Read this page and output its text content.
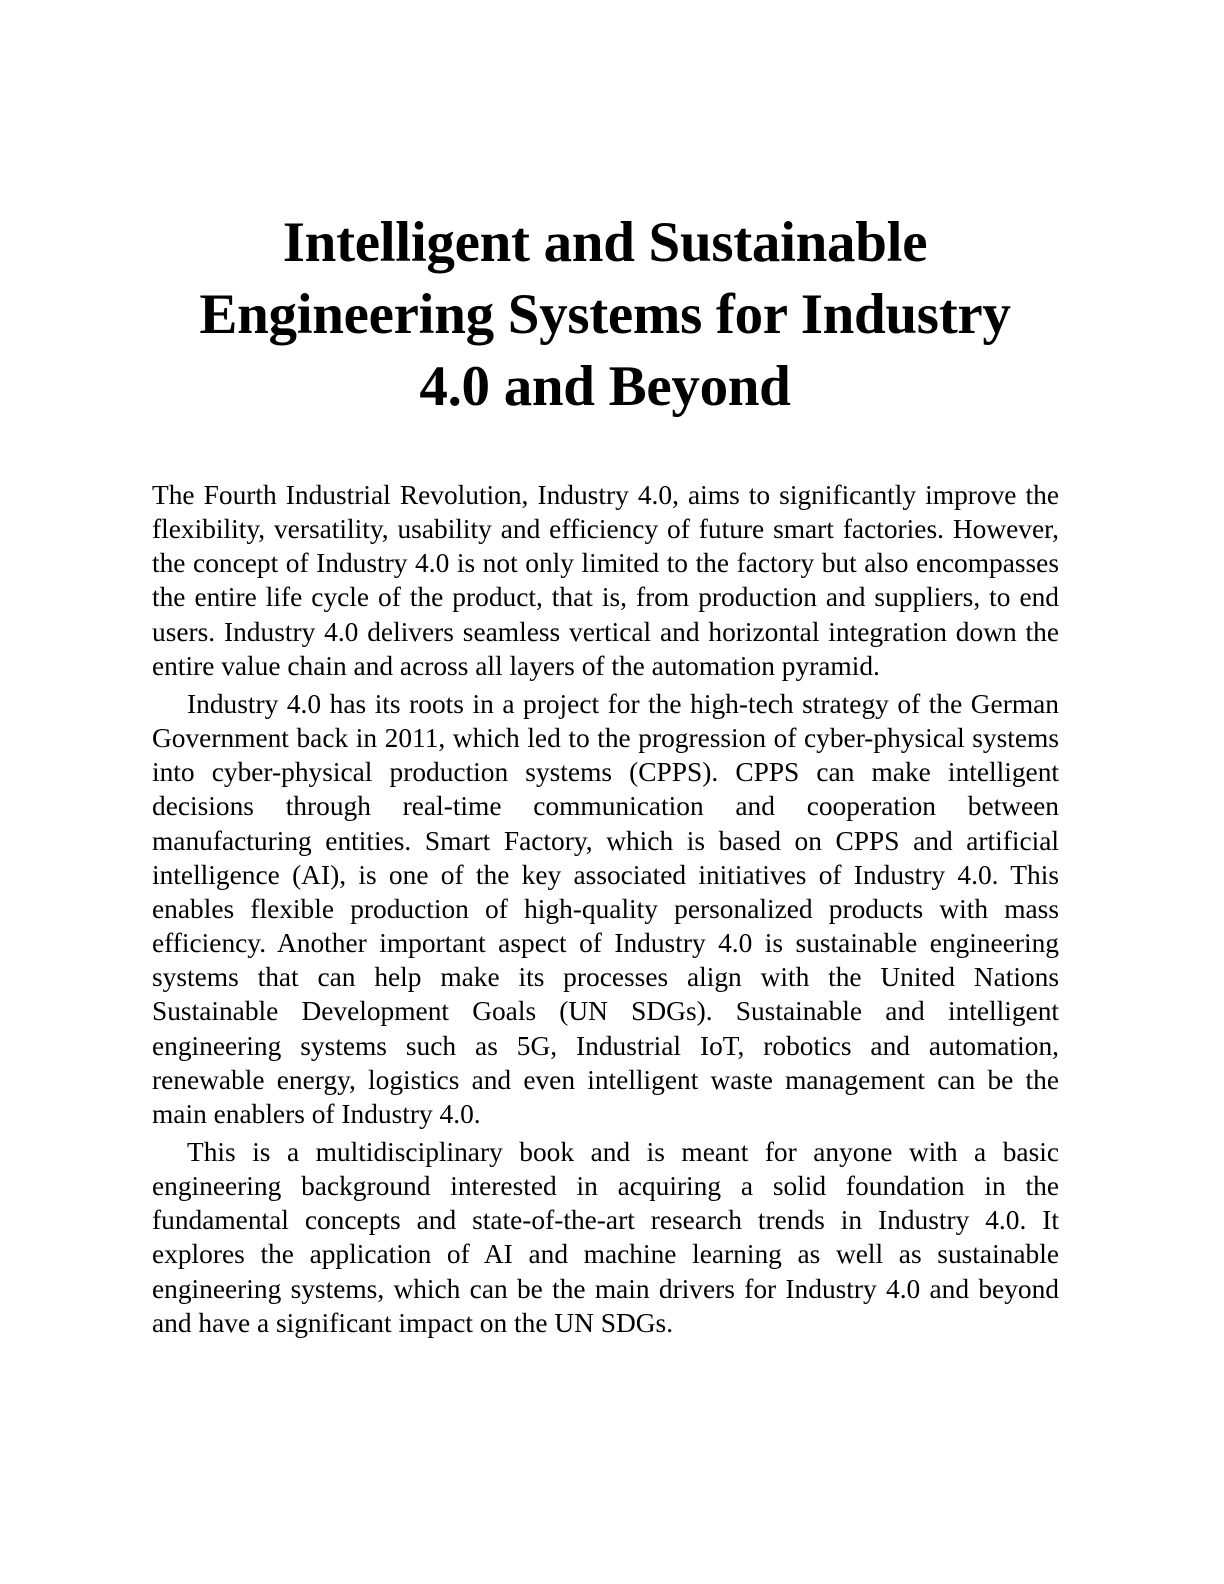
Intelligent and Sustainable
Engineering Systems for Industry
4.0 and Beyond

The Fourth Industrial Revolution, Industry 4.0, aims to significantly improve the flexibility, versatility, usability and efficiency of future smart factories. However, the concept of Industry 4.0 is not only limited to the factory but also encompasses the entire life cycle of the product, that is, from production and suppliers, to end users. Industry 4.0 delivers seamless vertical and horizontal integration down the entire value chain and across all layers of the automation pyramid.

Industry 4.0 has its roots in a project for the high-tech strategy of the German Government back in 2011, which led to the progression of cyber-physical systems into cyber-physical production systems (CPPS). CPPS can make intelligent decisions through real-time communication and cooperation between manufacturing entities. Smart Factory, which is based on CPPS and artificial intelligence (AI), is one of the key associated initiatives of Industry 4.0. This enables flexible production of high-quality personalized products with mass efficiency. Another important aspect of Industry 4.0 is sustainable engineering systems that can help make its processes align with the United Nations Sustainable Development Goals (UN SDGs). Sustainable and intelligent engineering systems such as 5G, Industrial IoT, robotics and automation, renewable energy, logistics and even intelligent waste management can be the main enablers of Industry 4.0.

This is a multidisciplinary book and is meant for anyone with a basic engineering background interested in acquiring a solid foundation in the fundamental concepts and state-of-the-art research trends in Industry 4.0. It explores the application of AI and machine learning as well as sustainable engineering systems, which can be the main drivers for Industry 4.0 and beyond and have a significant impact on the UN SDGs.
